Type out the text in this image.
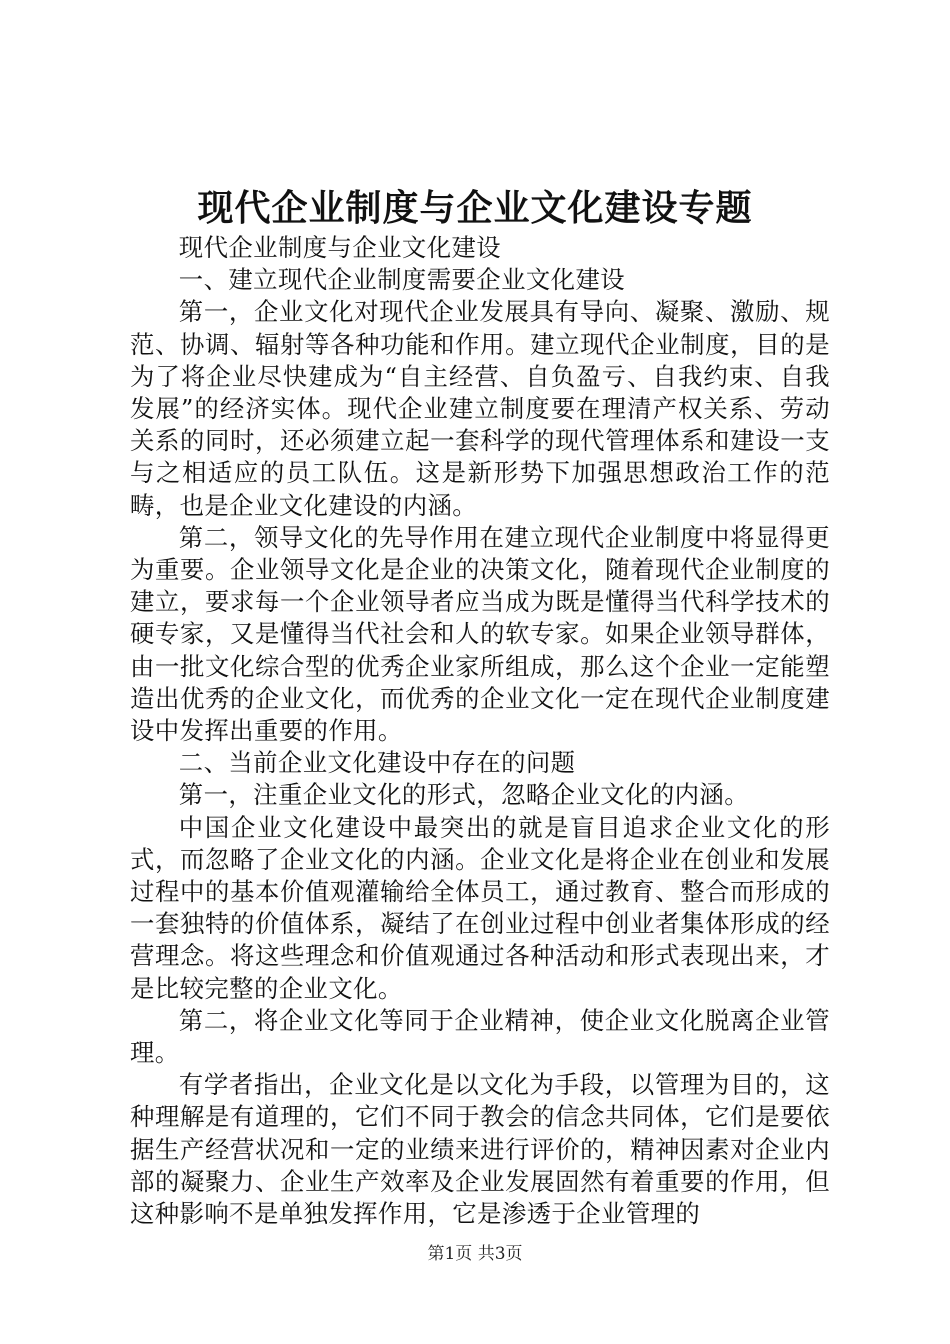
现代企业制度与企业文化建设专题

现代企业制度与企业文化建设

一、建立现代企业制度需要企业文化建设

第一，企业文化对现代企业发展具有导向、凝聚、激励、规范、协调、辐射等各种功能和作用。建立现代企业制度，目的是为了将企业尽快建成为“自主经营、自负盈亏、自我约束、自我发展”的经济实体。现代企业建立制度要在理清产权关系、劳动关系的同时，还必须建立起一套科学的现代管理体系和建设一支与之相适应的员工队伍。这是新形势下加强思想政治工作的范畴，也是企业文化建设的内涵。

第二，领导文化的先导作用在建立现代企业制度中将显得更为重要。企业领导文化是企业的决策文化，随着现代企业制度的建立，要求每一个企业领导者应当成为既是懂得当代科学技术的硬专家，又是懂得当代社会和人的软专家。如果企业领导群体，由一批文化综合型的优秀企业家所组成，那么这个企业一定能塑造出优秀的企业文化，而优秀的企业文化一定在现代企业制度建设中发挥出重要的作用。

二、当前企业文化建设中存在的问题

第一，注重企业文化的形式，忽略企业文化的内涵。

中国企业文化建设中最突出的就是盲目追求企业文化的形式，而忽略了企业文化的内涵。企业文化是将企业在创业和发展过程中的基本价值观灌输给全体员工，通过教育、整合而形成的一套独特的价值体系，凝结了在创业过程中创业者集体形成的经营理念。将这些理念和价值观通过各种活动和形式表现出来，才是比较完整的企业文化。

第二，将企业文化等同于企业精神，使企业文化脱离企业管理。

有学者指出，企业文化是以文化为手段，以管理为目的，这种理解是有道理的，它们不同于教会的信念共同体，它们是要依据生产经营状况和一定的业绩来进行评价的，精神因素对企业内部的凝聚力、企业生产效率及企业发展固然有着重要的作用，但这种影响不是单独发挥作用，它是渗透于企业管理的

第1页 共3页
